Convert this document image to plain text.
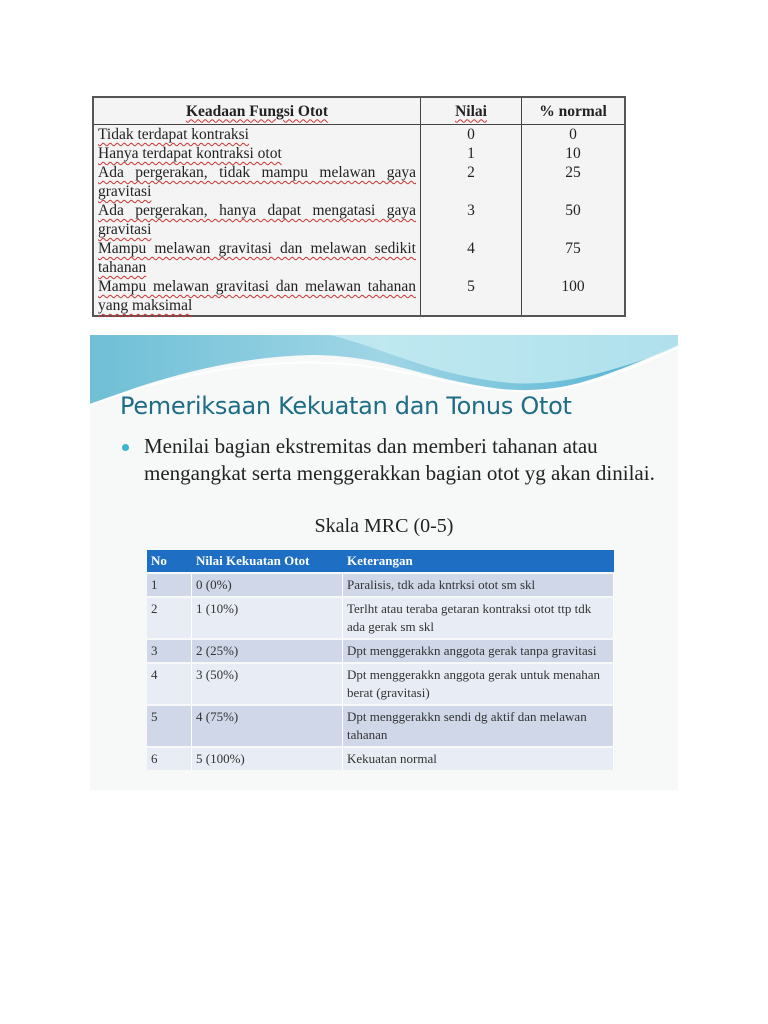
Keadaan Fungsi Otot	Nilai	% normal
Tidak terdapat kontraksi	0	0
Hanya terdapat kontraksi otot	1	10
Ada pergerakan, tidak mampu melawan gaya gravitasi	2	25
Ada pergerakan, hanya dapat mengatasi gaya gravitasi	3	50
Mampu melawan gravitasi dan melawan sedikit tahanan	4	75
Mampu melawan gravitasi dan melawan tahanan yang maksimal	5	100
Pemeriksaan Kekuatan dan Tonus Otot
Menilai bagian ekstremitas dan memberi tahanan atau mengangkat serta menggerakkan bagian otot yg akan dinilai.
Skala MRC (0-5)
No	Nilai Kekuatan Otot	Keterangan
1	0 (0%)	Paralisis, tdk ada kntrksi otot sm skl
2	1 (10%)	Terlht atau teraba getaran kontraksi otot ttp tdk ada gerak sm skl
3	2 (25%)	Dpt menggerakkn anggota gerak tanpa gravitasi
4	3 (50%)	Dpt menggerakkn anggota gerak untuk menahan berat (gravitasi)
5	4 (75%)	Dpt menggerakkn sendi dg aktif dan melawan tahanan
6	5 (100%)	Kekuatan normal
